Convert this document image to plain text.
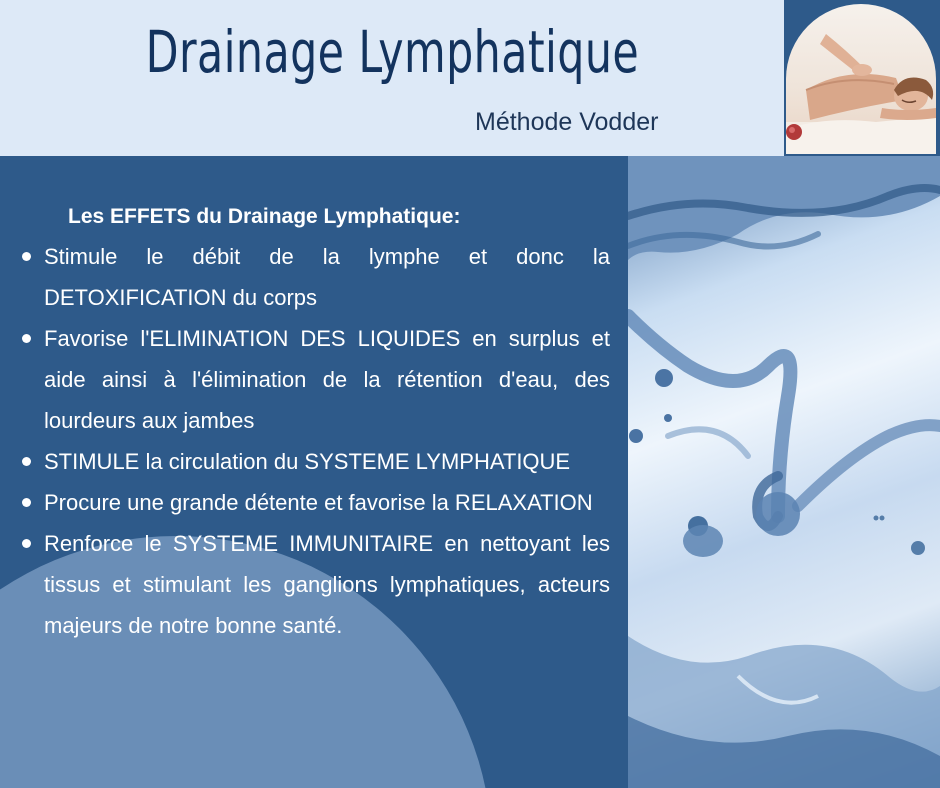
Drainage Lymphatique
Méthode Vodder
Les EFFETS du Drainage Lymphatique:
Stimule le débit de la lymphe et donc la DETOXIFICATION du corps
Favorise l'ELIMINATION DES LIQUIDES en surplus et aide ainsi à l'élimination de la rétention d'eau, des lourdeurs aux jambes
STIMULE la circulation du SYSTEME LYMPHATIQUE
Procure une grande détente et favorise la RELAXATION
Renforce le SYSTEME IMMUNITAIRE en nettoyant les tissus et stimulant les ganglions lymphatiques, acteurs majeurs de notre bonne santé.
